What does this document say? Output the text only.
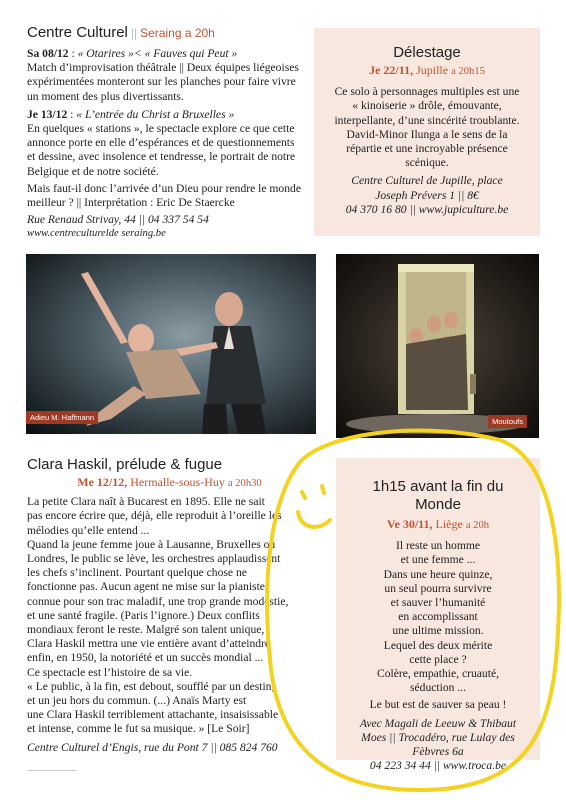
Centre Culturel || Seraing a 20h

Sa 08/12 : « Otarires »< « Fauves qui Peut »

Match d’improvisation théâtrale || Deux équipes liégeoises expérimentées monteront sur les planches pour faire vivre un moment des plus divertissants.

Je 13/12 : « L’entrée du Christ a Bruxelles »

En quelques « stations », le spectacle explore ce que cette annonce porte en elle d’espérances et de questionnements et dessine, avec insolence et tendresse, le portrait de notre Belgique et de notre société.

Mais faut-il donc l’arrivée d’un Dieu pour rendre le monde meilleur ? || Interprétation : Eric De Staercke

Rue Renaud Strivay, 44 || 04 337 54 54

www.centreculturelde seraing.be

Délestage

Je 22/11, Jupille a 20h15

Ce solo à personnages multiples est une « kinoiserie » drôle, émouvante, interpellante, d’une sincérité troublante. David-Minor Ilunga a le sens de la répartie et une incroyable présence scénique.

Centre Culturel de Jupille, place Joseph Prévers 1 || 8€

04 370 16 80 || www.jupiculture.be

Adieu M. Haffmann	Moutoufs
Clara Haskil, prélude & fugue

Me 12/12, Hermalle-sous-Huy a 20h30

La petite Clara naît à Bucarest en 1895. Elle ne sait

pas encore écrire que, déjà, elle reproduit à l’oreille les

mélodies qu’elle entend ...

Quand la jeune femme joue à Lausanne, Bruxelles ou

Londres, le public se lève, les orchestres applaudissent

les chefs s’inclinent. Pourtant quelque chose ne

fonctionne pas. Aucun agent ne mise sur la pianiste

connue pour son trac maladif, une trop grande modestie,

et une santé fragile. (Paris l’ignore.) Deux conflits

mondiaux feront le reste. Malgré son talent unique,

Clara Haskil mettra une vie entière avant d’atteindre

enfin, en 1950, la notoriété et un succès mondial ...

Ce spectacle est l’histoire de sa vie.

« Le public, à la fin, est debout, soufflé par un destin,

et un jeu hors du commun. (...) Anaïs Marty est

une Clara Haskil terriblement attachante, insaisissable

et intense, comme le fut sa musique. » [Le Soir]

Centre Culturel d’Engis, rue du Pont 7 || 085 824 760

1h15 avant la fin du Monde

Ve 30/11, Liège a 20h

Il reste un homme

et une femme ...

Dans une heure quinze,

un seul pourra survivre

et sauver l’humanité

en accomplissant

une ultime mission.

Lequel des deux mérite

cette place ?

Colère, empathie, cruauté,

séduction ...

Le but est de sauver sa peau !

Avec Magali de Leeuw & Thibaut Moes || Trocadéro, rue Lulay des Fèbvres 6a

04 223 34 44 || www.troca.be
